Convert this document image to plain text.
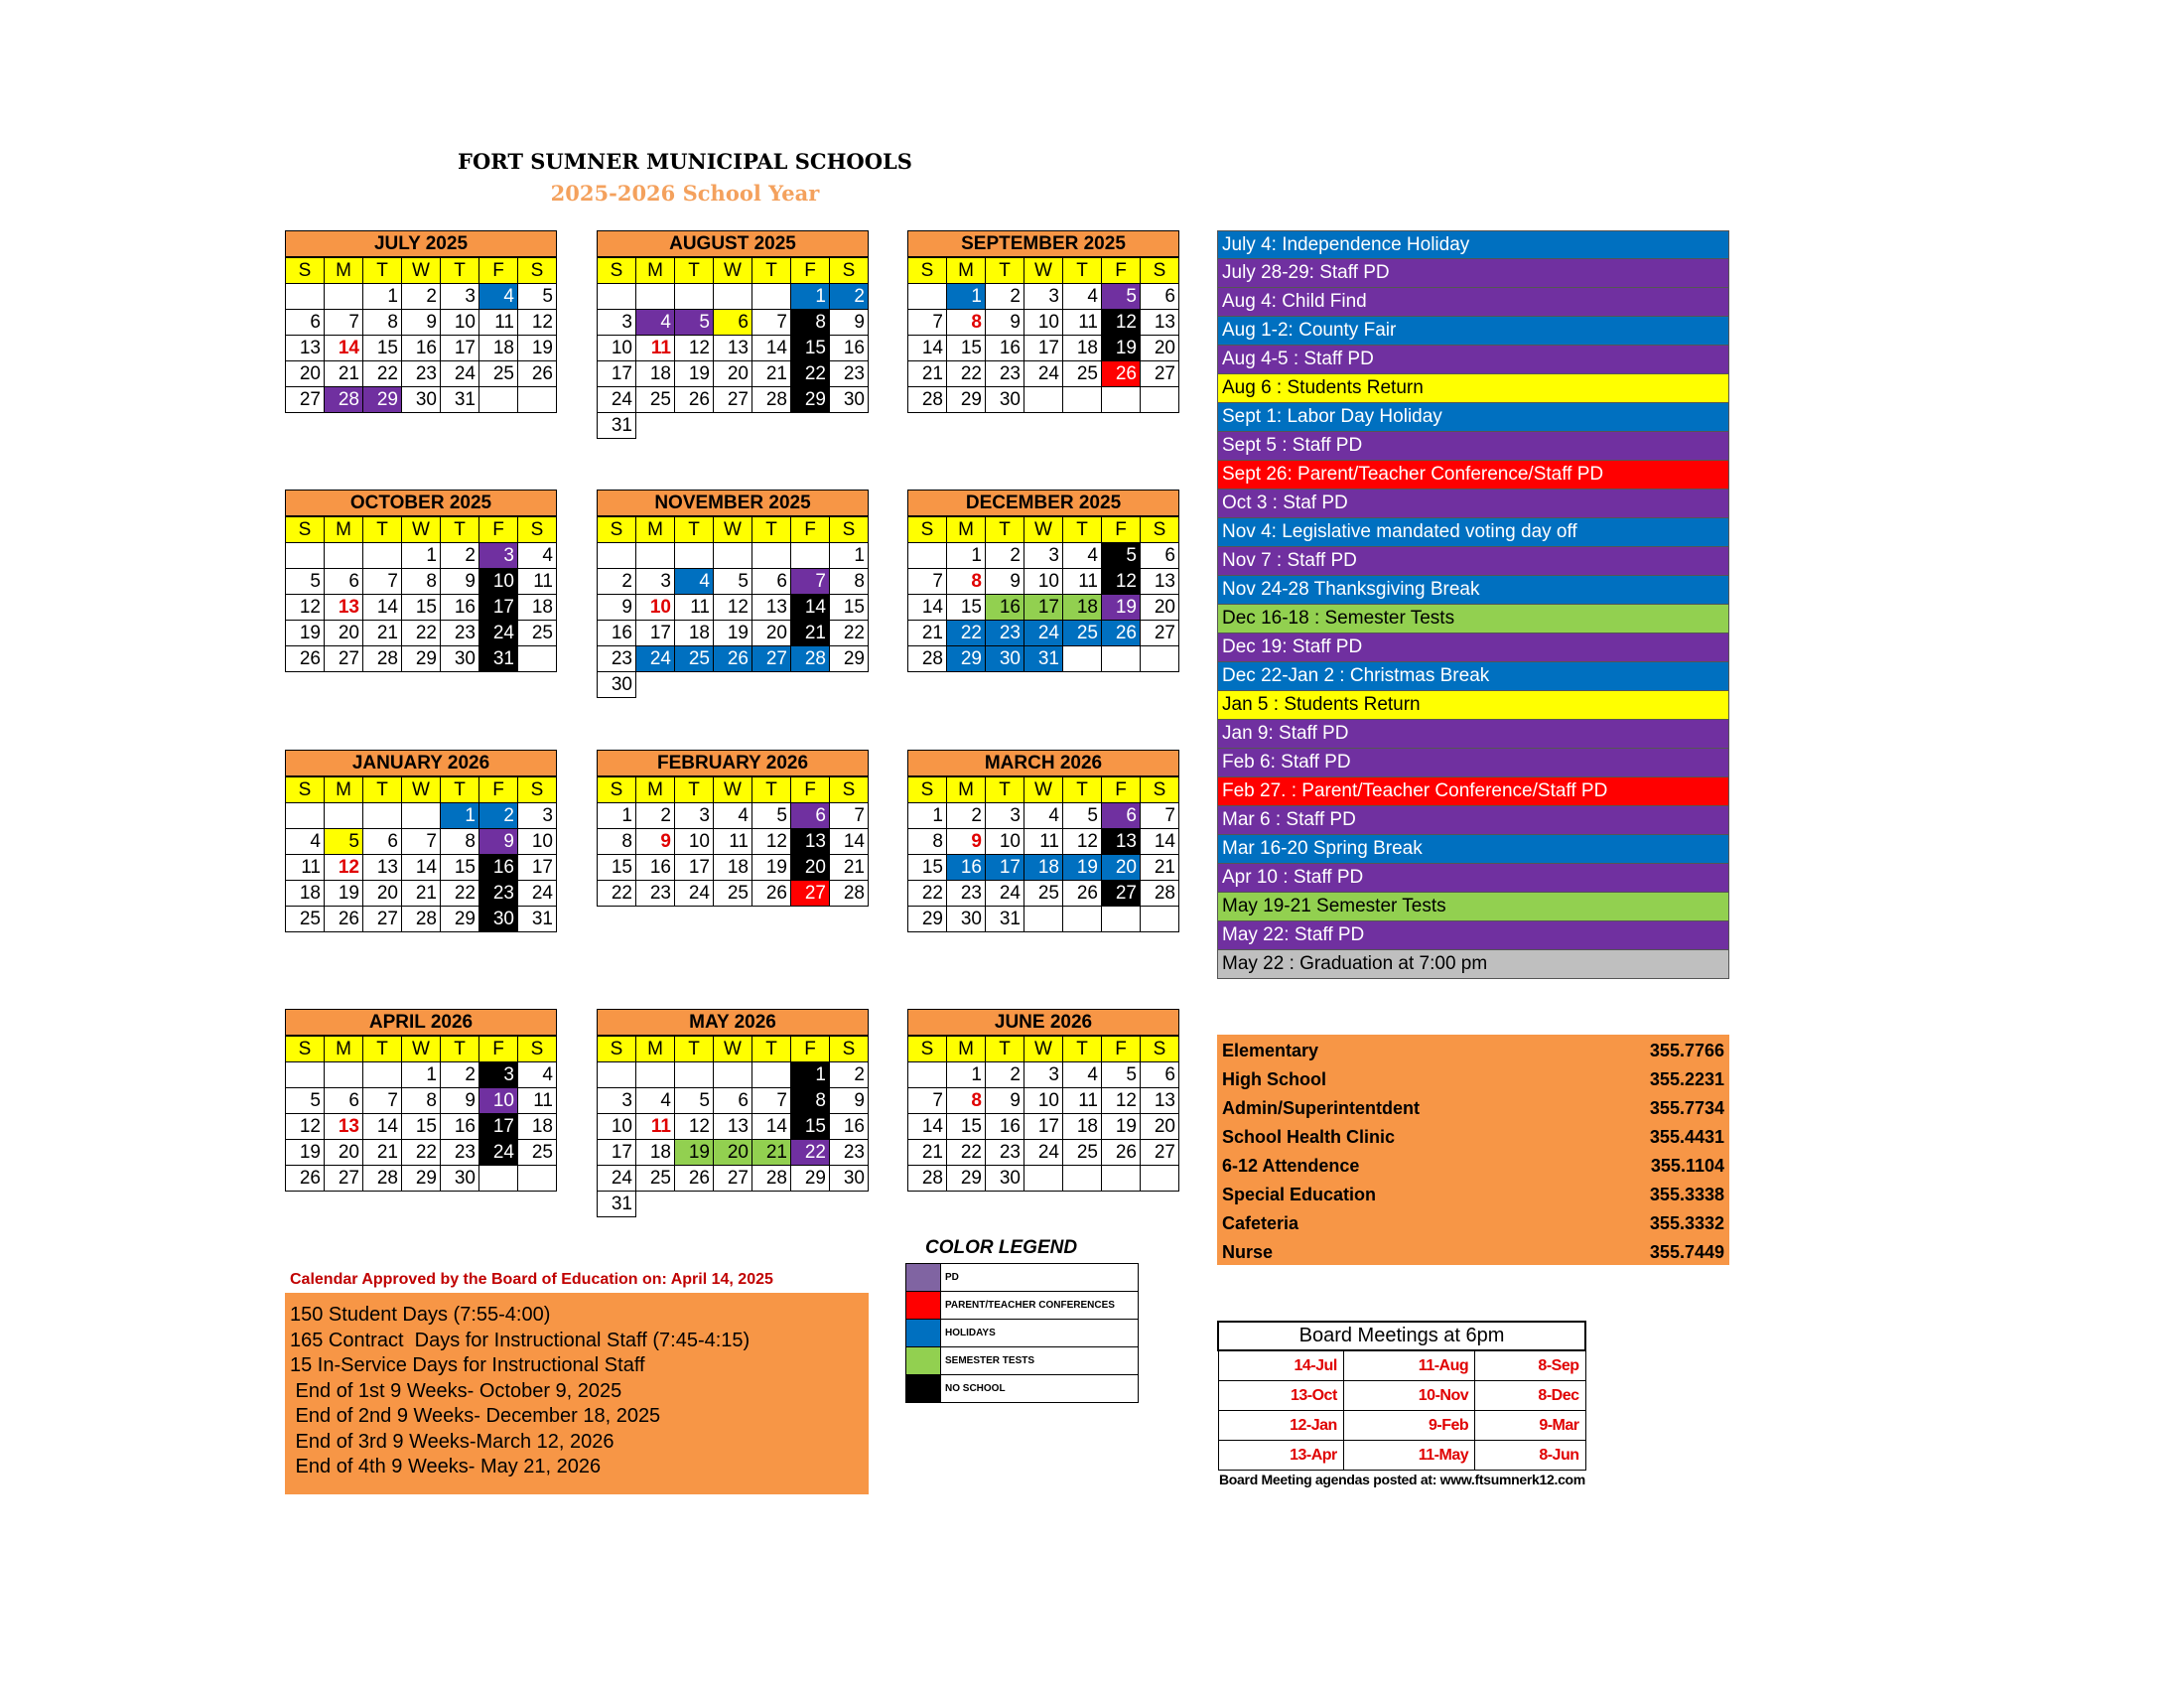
FORT SUMNER MUNICIPAL SCHOOLS
2025-2026 School Year
JULY 2025
S	M	T	W	T	F	S
		1	2	3	4	5
6	7	8	9	10	11	12
13	14	15	16	17	18	19
20	21	22	23	24	25	26
27	28	29	30	31		
AUGUST 2025
S	M	T	W	T	F	S
					1	2
3	4	5	6	7	8	9
10	11	12	13	14	15	16
17	18	19	20	21	22	23
24	25	26	27	28	29	30
31						
SEPTEMBER 2025
S	M	T	W	T	F	S
	1	2	3	4	5	6
7	8	9	10	11	12	13
14	15	16	17	18	19	20
21	22	23	24	25	26	27
28	29	30				
OCTOBER 2025
S	M	T	W	T	F	S
			1	2	3	4
5	6	7	8	9	10	11
12	13	14	15	16	17	18
19	20	21	22	23	24	25
26	27	28	29	30	31	
NOVEMBER 2025
S	M	T	W	T	F	S
						1
2	3	4	5	6	7	8
9	10	11	12	13	14	15
16	17	18	19	20	21	22
23	24	25	26	27	28	29
30						
DECEMBER 2025
S	M	T	W	T	F	S
	1	2	3	4	5	6
7	8	9	10	11	12	13
14	15	16	17	18	19	20
21	22	23	24	25	26	27
28	29	30	31			
JANUARY 2026
S	M	T	W	T	F	S
				1	2	3
4	5	6	7	8	9	10
11	12	13	14	15	16	17
18	19	20	21	22	23	24
25	26	27	28	29	30	31
FEBRUARY 2026
S	M	T	W	T	F	S
1	2	3	4	5	6	7
8	9	10	11	12	13	14
15	16	17	18	19	20	21
22	23	24	25	26	27	28
MARCH 2026
S	M	T	W	T	F	S
1	2	3	4	5	6	7
8	9	10	11	12	13	14
15	16	17	18	19	20	21
22	23	24	25	26	27	28
29	30	31				
APRIL 2026
S	M	T	W	T	F	S
			1	2	3	4
5	6	7	8	9	10	11
12	13	14	15	16	17	18
19	20	21	22	23	24	25
26	27	28	29	30		
MAY 2026
S	M	T	W	T	F	S
					1	2
3	4	5	6	7	8	9
10	11	12	13	14	15	16
17	18	19	20	21	22	23
24	25	26	27	28	29	30
31						
JUNE 2026
S	M	T	W	T	F	S
	1	2	3	4	5	6
7	8	9	10	11	12	13
14	15	16	17	18	19	20
21	22	23	24	25	26	27
28	29	30				
July 4: Independence Holiday
July 28-29: Staff PD
Aug 4: Child Find
Aug 1-2: County Fair
Aug 4-5 : Staff PD
Aug 6 : Students Return
Sept 1: Labor Day Holiday
Sept 5 : Staff PD
Sept 26: Parent/Teacher Conference/Staff PD
Oct 3 : Staf PD
Nov 4: Legislative mandated voting day off
Nov 7 : Staff PD
Nov 24-28 Thanksgiving Break
Dec 16-18 : Semester Tests
Dec 19: Staff PD
Dec 22-Jan 2 : Christmas Break
Jan 5 : Students Return
Jan 9: Staff PD
Feb 6: Staff PD
Feb 27. : Parent/Teacher Conference/Staff PD
Mar 6 : Staff PD
Mar 16-20 Spring Break
Apr 10 : Staff PD
May 19-21 Semester Tests
May 22: Staff PD
May 22 : Graduation at 7:00 pm
Elementary	355.7766
High School	355.2231
Admin/Superintentdent	355.7734
School Health Clinic	355.4431
6-12 Attendence	355.1104
Special Education	355.3338
Cafeteria	355.3332
Nurse	355.7449
Calendar Approved by the Board of Education on: April 14, 2025
150 Student Days (7:55-4:00)
165 Contract  Days for Instructional Staff (7:45-4:15)
15 In-Service Days for Instructional Staff
End of 1st 9 Weeks- October 9, 2025
End of 2nd 9 Weeks- December 18, 2025
End of 3rd 9 Weeks-March 12, 2026
End of 4th 9 Weeks- May 21, 2026
COLOR LEGEND
	PD
	PARENT/TEACHER CONFERENCES
	HOLIDAYS
	SEMESTER TESTS
	NO SCHOOL
Board Meetings at 6pm		
14-Jul	11-Aug	8-Sep
13-Oct	10-Nov	8-Dec
12-Jan	9-Feb	9-Mar
13-Apr	11-May	8-Jun
Board Meeting agendas posted at: www.ftsumnerk12.com
